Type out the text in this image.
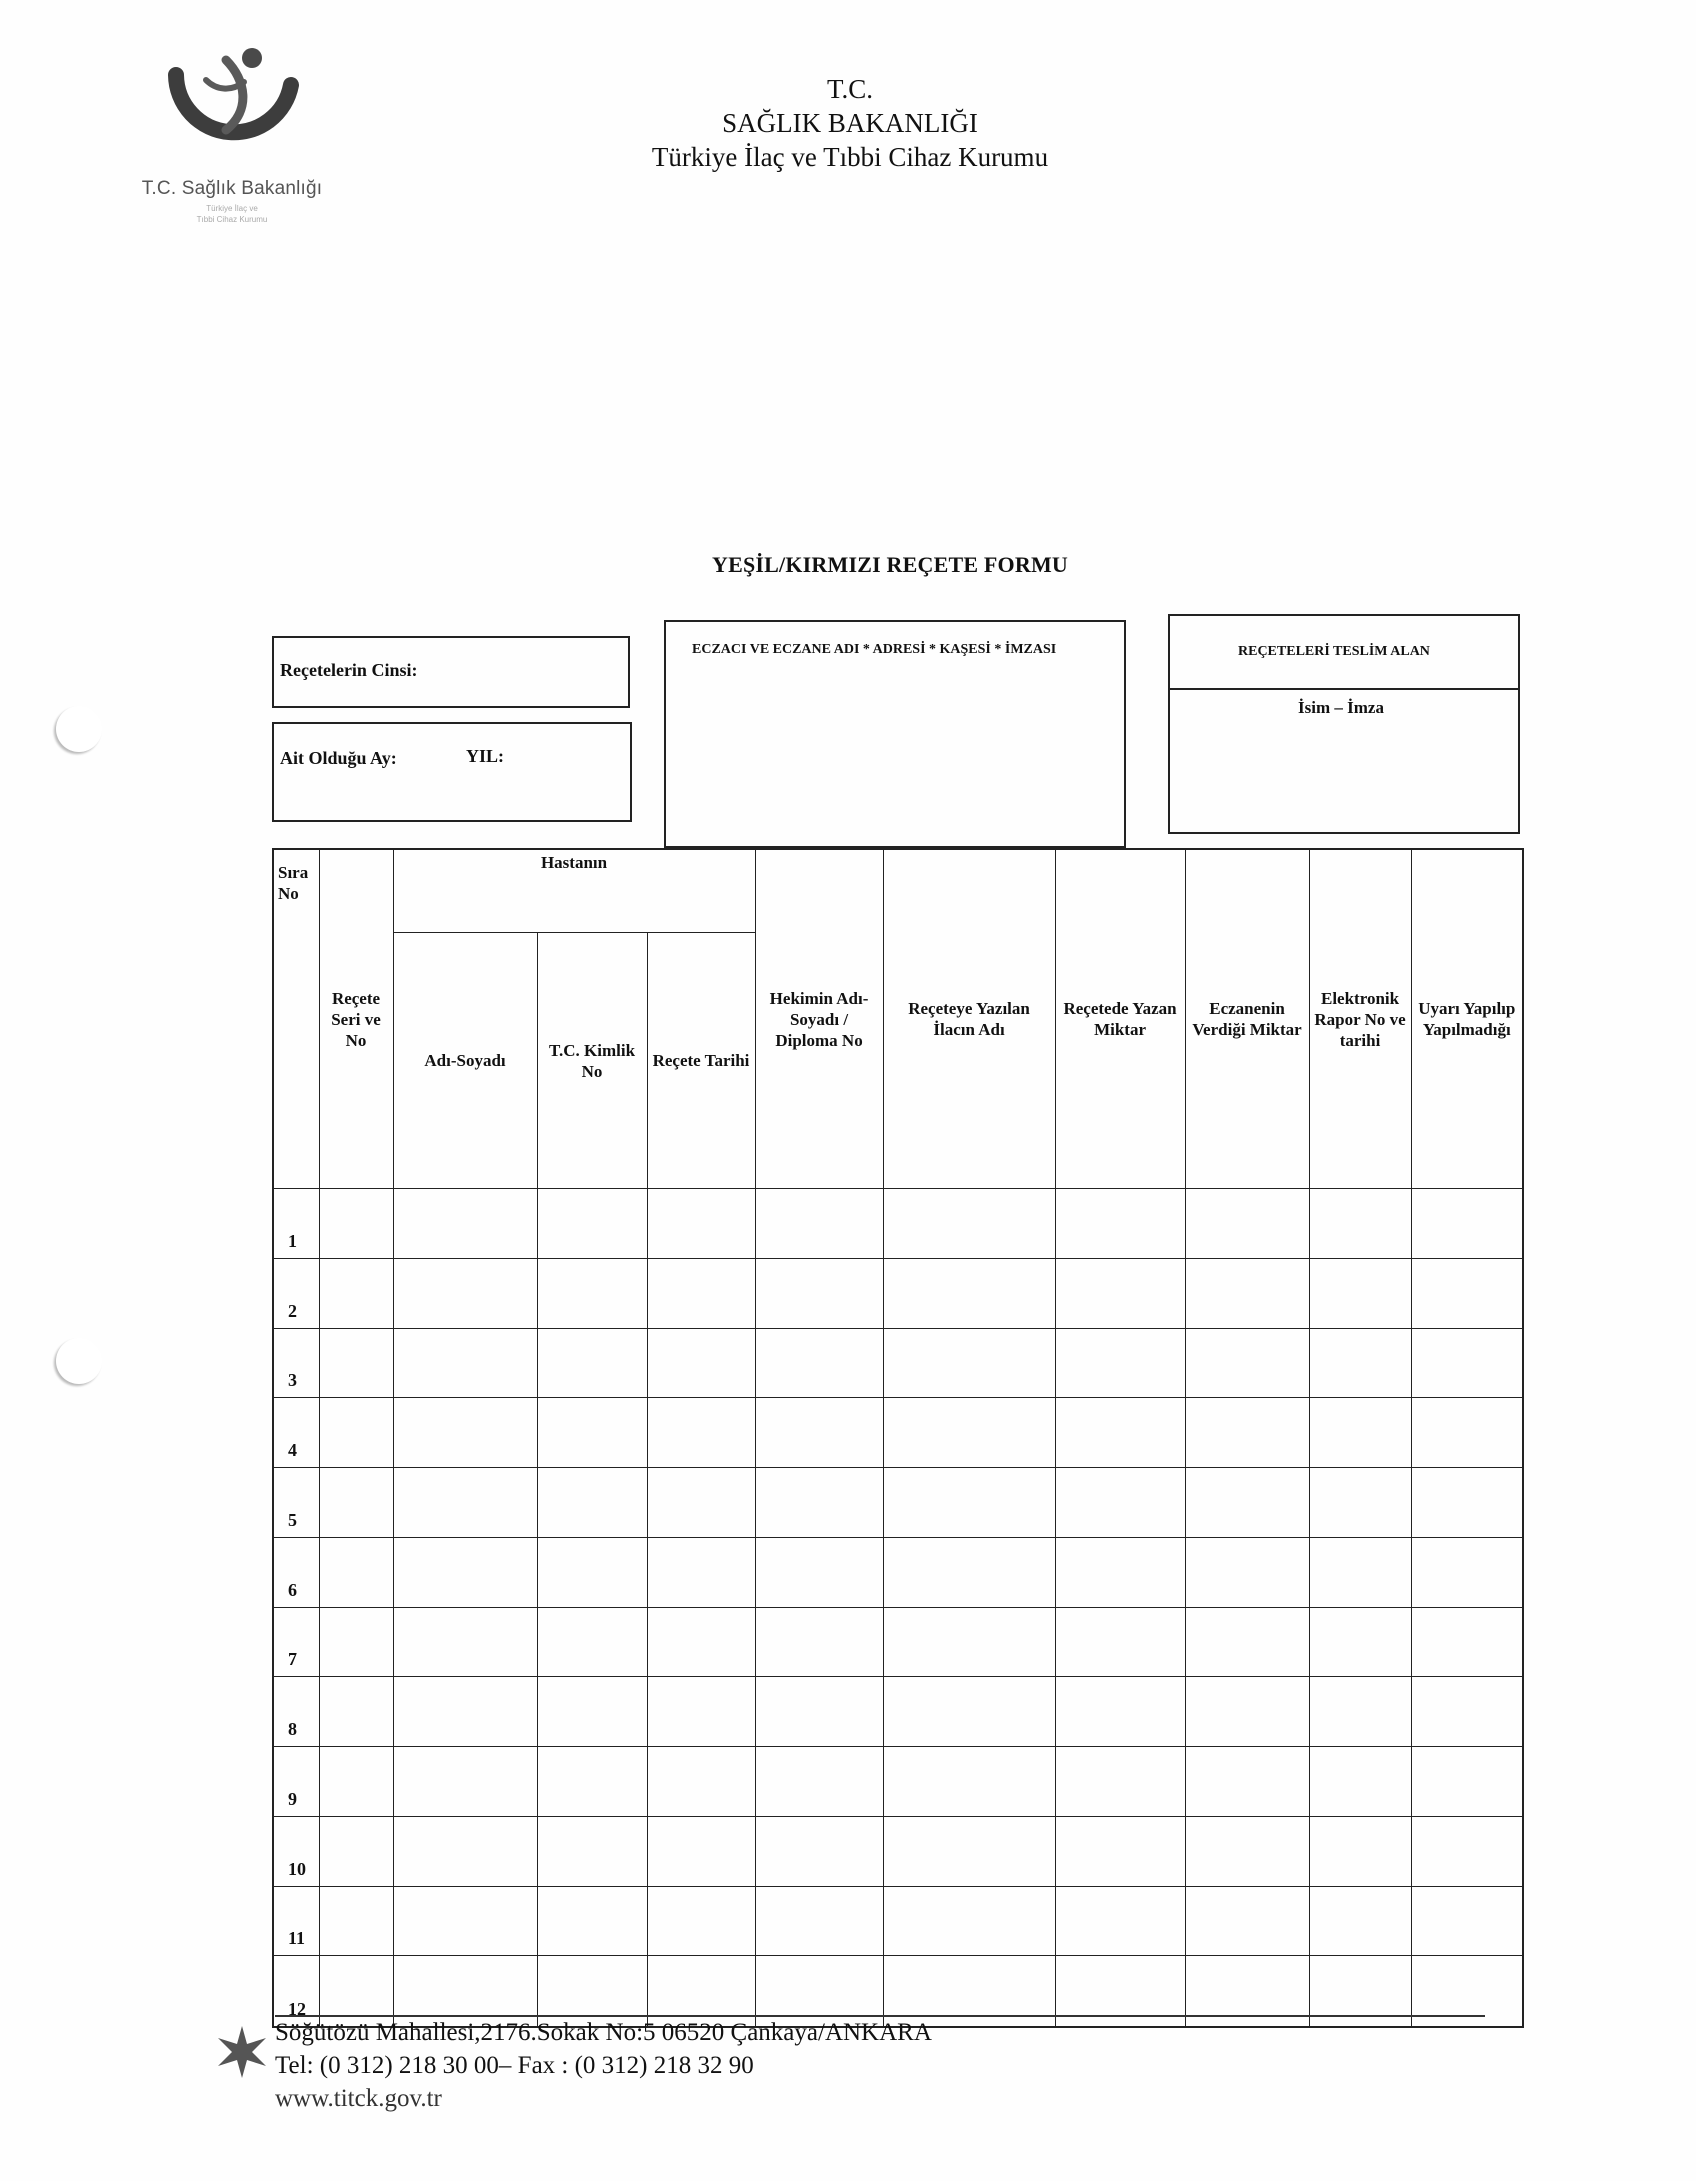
T.C. Sağlık Bakanlığı
Türkiye İlaç ve
Tıbbi Cihaz Kurumu
T.C.
SAĞLIK BAKANLIĞI
Türkiye İlaç ve Tıbbi Cihaz Kurumu
YEŞİL/KIRMIZI REÇETE FORMU
Reçetelerin Cinsi:
Ait Olduğu Ay:	YIL:
ECZACI VE ECZANE ADI * ADRESİ * KAŞESİ * İMZASI	REÇETELERİ TESLİM ALAN
İsim – İmza
Sıra No	Reçete Seri ve No	Hastanın			Hekimin Adı-Soyadı / Diploma No	Reçeteye Yazılan İlacın Adı	Reçetede Yazan Miktar	Eczanenin Verdiği Miktar	Elektronik Rapor No ve tarihi	Uyarı Yapılıp Yapılmadığı
		Adı-Soyadı	T.C. Kimlik No	Reçete Tarihi						
1										
2										
3										
4										
5										
6										
7										
8										
9										
10										
11										
12										
Söğütözü Mahallesi,2176.Sokak No:5 06520 Çankaya/ANKARA
Tel: (0 312) 218 30 00– Fax : (0 312) 218 32 90
www.titck.gov.tr
